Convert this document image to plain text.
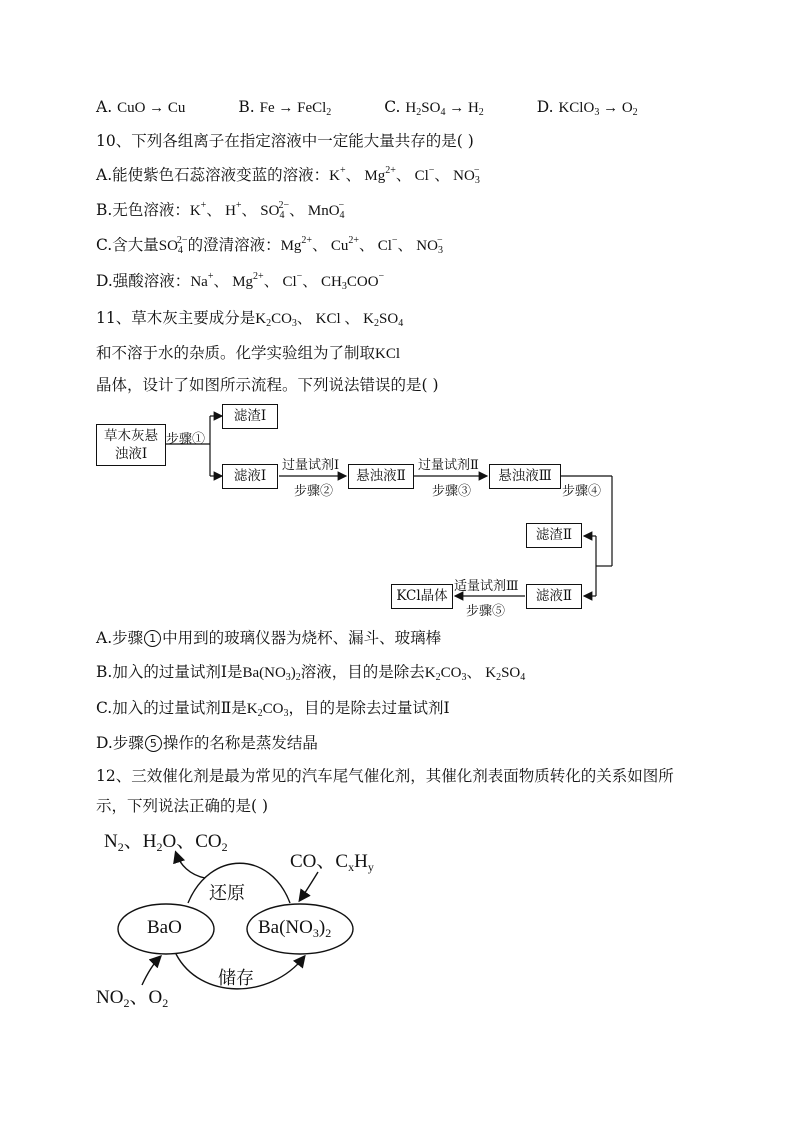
A. CuO → Cu	B. Fe → FeCl$_2$	C. $H_2SO_4 \to H_2$	D. KClO$_3$ → $O_2$
10、下列各组离子在指定溶液中一定能大量共存的是( )
A.能使紫色石蕊溶液变蓝的溶液：K+、 $Mg^{2+}$、 Cl−、 $NO_3^-$
B.无色溶液：K+、 H+、 $SO_4^{2-}$、 MnO$_4$−
C.含大量$SO_4^{2-}$的澄清溶液：$Mg^{2+}$、 $Cu^{2+}$、 Cl−、 $NO_3^-$
D.强酸溶液：Na+、 $Mg^{2+}$、 Cl−、 $CH_3COO^-$
11、草木灰主要成分是$K_2CO_3$、 KCl 、 $K_2SO_4$
和不溶于水的杂质。化学实验组为了制取KCl
晶体，设计了如图所示流程。下列说法错误的是( )
草木灰悬浊液Ⅰ
步骤①
滤渣Ⅰ
滤液Ⅰ
过量试剂Ⅰ
步骤②
悬浊液Ⅱ
过量试剂Ⅱ
步骤③
悬浊液Ⅲ
步骤④
滤渣Ⅱ
滤液Ⅱ
适量试剂Ⅲ
步骤⑤
KCl晶体
A.步骤 1 中用到的玻璃仪器为烧杯、漏斗、玻璃棒
B.加入的过量试剂Ⅰ是$Ba(NO_3)_2$溶液，目的是除去$K_2CO_3$、 $K_2SO_4$
C.加入的过量试剂Ⅱ是$K_2CO_3$，目的是除去过量试剂Ⅰ
D.步骤 5 操作的名称是蒸发结晶
12、三效催化剂是最为常见的汽车尾气催化剂，其催化剂表面物质转化的关系如图所
示，下列说法正确的是( )
$N_2$、$H_2O$、$CO_2$
CO、$C_xH_y$
还原
BaO	$Ba(NO_3)_2$
储存
$NO_2$、$O_2$
